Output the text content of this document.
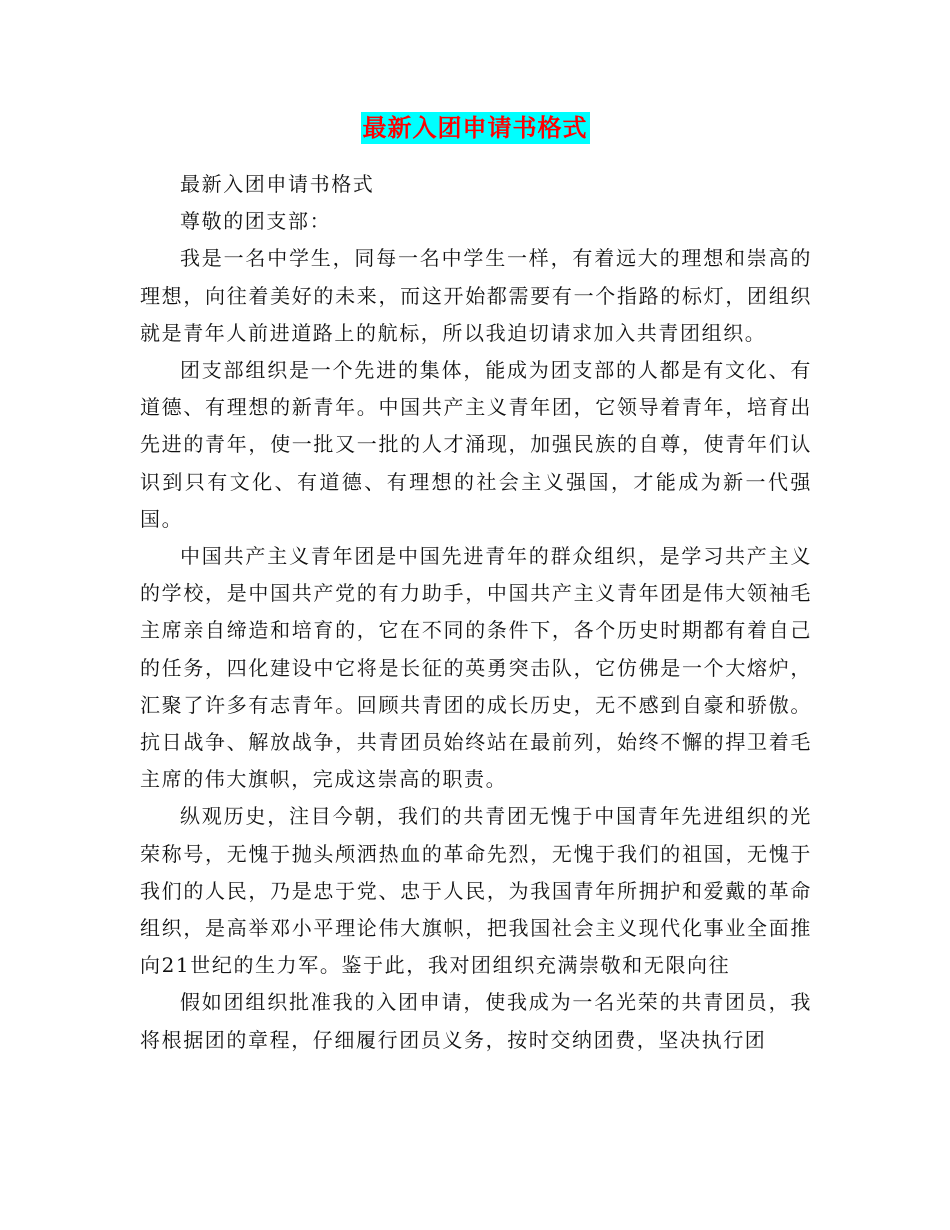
最新入团申请书格式

最新入团申请书格式

尊敬的团支部：

我是一名中学生，同每一名中学生一样，有着远大的理想和崇高的理想，向往着美好的未来，而这开始都需要有一个指路的标灯，团组织就是青年人前进道路上的航标，所以我迫切请求加入共青团组织。

团支部组织是一个先进的集体，能成为团支部的人都是有文化、有道德、有理想的新青年。中国共产主义青年团，它领导着青年，培育出先进的青年，使一批又一批的人才涌现，加强民族的自尊，使青年们认识到只有文化、有道德、有理想的社会主义强国，才能成为新一代强国。

中国共产主义青年团是中国先进青年的群众组织，是学习共产主义的学校，是中国共产党的有力助手，中国共产主义青年团是伟大领袖毛主席亲自缔造和培育的，它在不同的条件下，各个历史时期都有着自己的任务，四化建设中它将是长征的英勇突击队，它仿佛是一个大熔炉，汇聚了许多有志青年。回顾共青团的成长历史，无不感到自豪和骄傲。抗日战争、解放战争，共青团员始终站在最前列，始终不懈的捍卫着毛主席的伟大旗帜，完成这崇高的职责。

纵观历史，注目今朝，我们的共青团无愧于中国青年先进组织的光荣称号，无愧于抛头颅洒热血的革命先烈，无愧于我们的祖国，无愧于我们的人民，乃是忠于党、忠于人民，为我国青年所拥护和爱戴的革命组织，是高举邓小平理论伟大旗帜，把我国社会主义现代化事业全面推向21世纪的生力军。鉴于此，我对团组织充满崇敬和无限向往

假如团组织批准我的入团申请，使我成为一名光荣的共青团员，我将根据团的章程，仔细履行团员义务，按时交纳团费，坚决执行团
